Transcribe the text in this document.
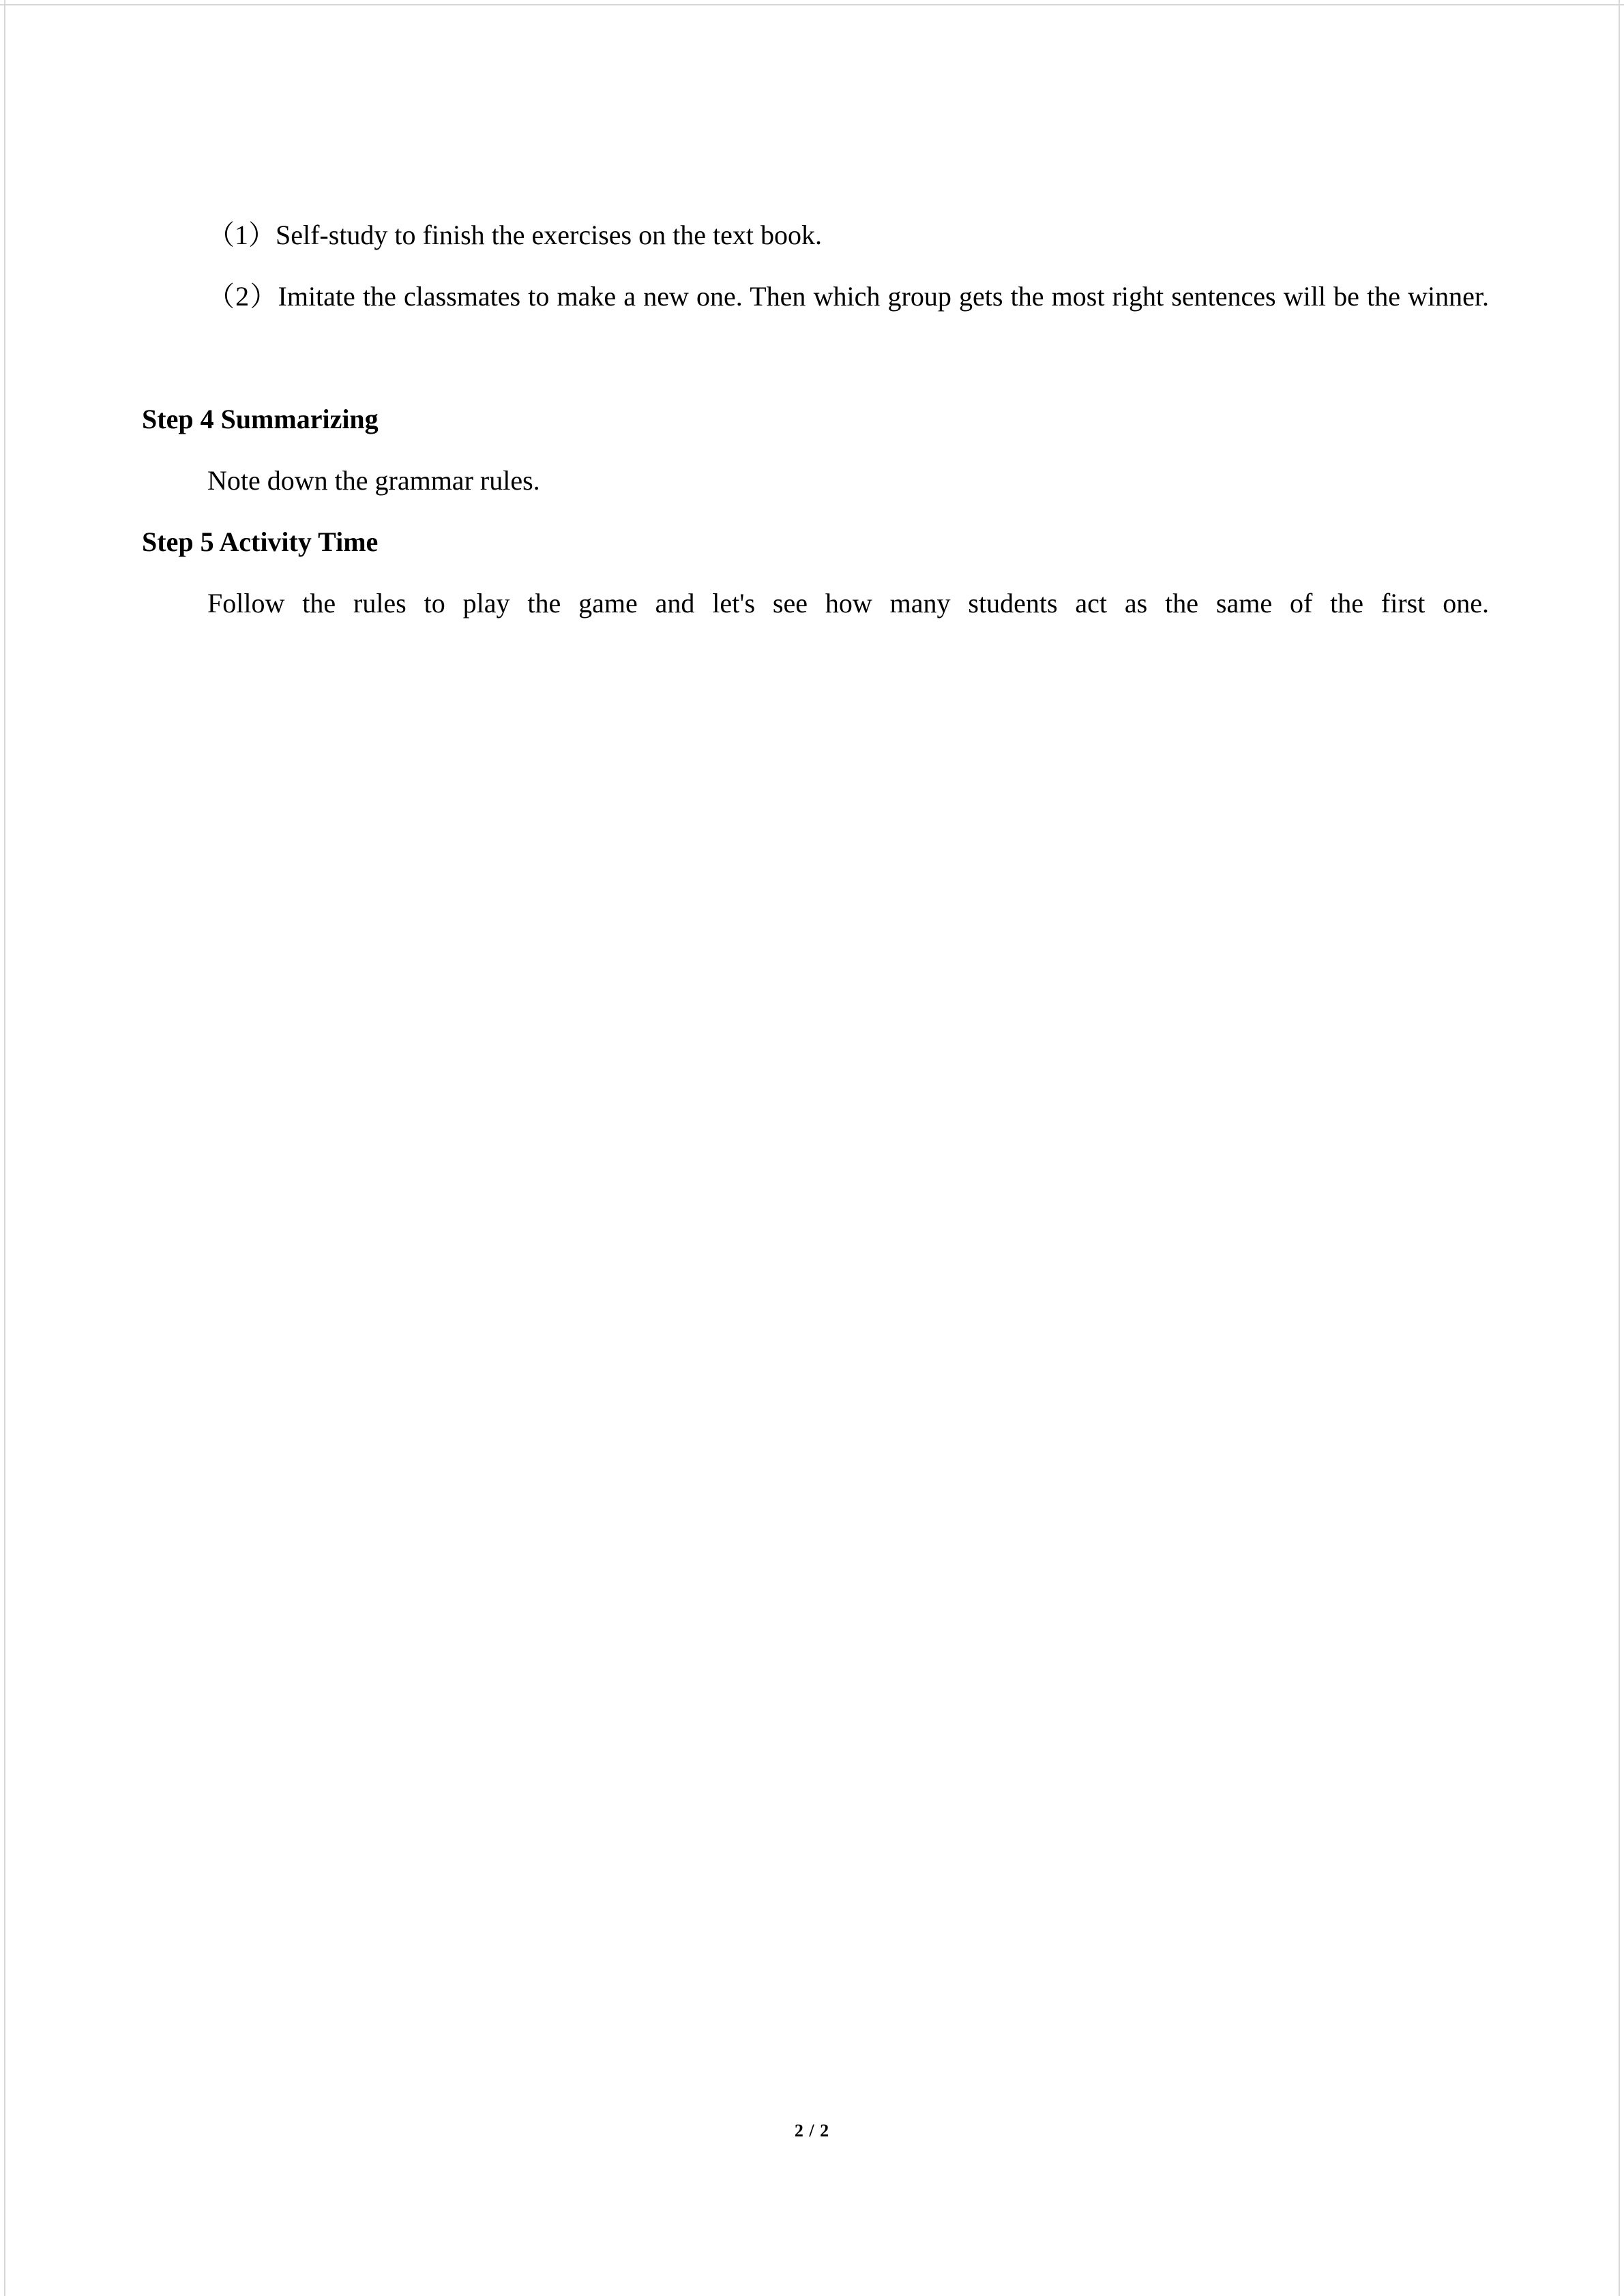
（1）Self-study to finish the exercises on the text book.

（2）Imitate the classmates to make a new one. Then which group gets the most right sentences will be the winner.

Step 4 Summarizing

Note down the grammar rules.

Step 5 Activity Time

Follow the rules to play the game and let's see how many students act as the same of the first one.

2 / 2
